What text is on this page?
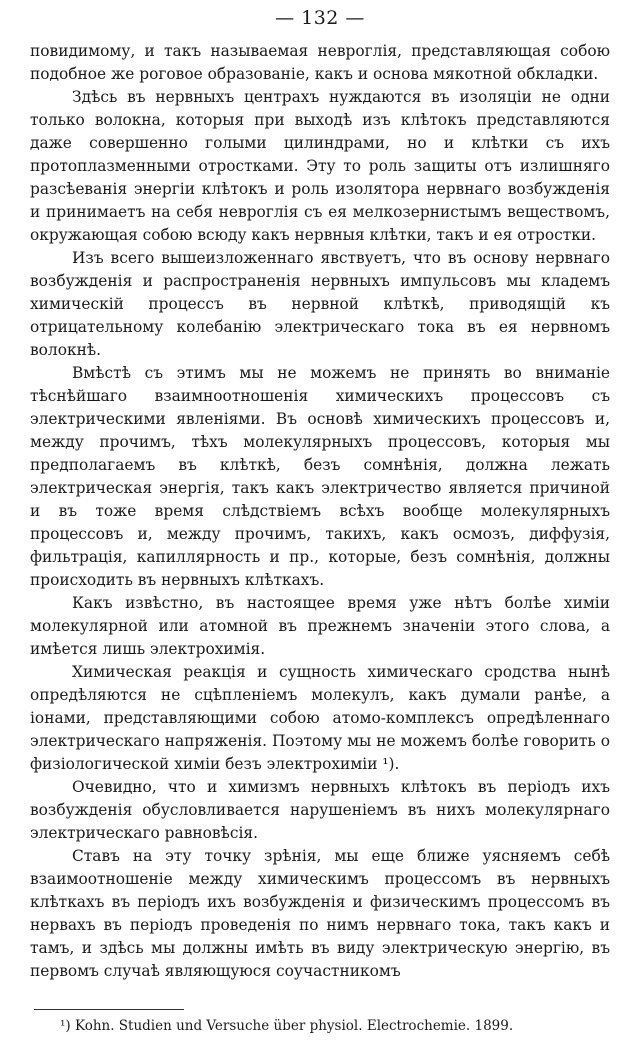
— 132 —

повидимому, и такъ называемая невроглія, представляющая собою подобное же роговое образованіе, какъ и основа мякотной обкладки.

Здѣсь въ нервныхъ центрахъ нуждаются въ изоляціи не одни только волокна, которыя при выходѣ изъ клѣтокъ представляются даже совершенно голыми цилиндрами, но и клѣтки съ ихъ протоплазменными отростками. Эту то роль защиты отъ излишняго разсѣеванія энергіи клѣтокъ и роль изолятора нервнаго возбужденія и принимаетъ на себя невроглія съ ея мелкозернистымъ веществомъ, окружающая собою всюду какъ нервныя клѣтки, такъ и ея отростки.

Изъ всего вышеизложеннаго явствуетъ, что въ основу нервнаго возбужденія и распространенія нервныхъ импульсовъ мы кладемъ химическій процессъ въ нервной клѣткѣ, приводящій къ отрицательному колебанію электрическаго тока въ ея нервномъ волокнѣ.

Вмѣстѣ съ этимъ мы не можемъ не принять во вниманіе тѣснѣйшаго взаимноотношенія химическихъ процессовъ съ электрическими явленіями. Въ основѣ химическихъ процессовъ и, между прочимъ, тѣхъ молекулярныхъ процессовъ, которыя мы предполагаемъ въ клѣткѣ, безъ сомнѣнія, должна лежать электрическая энергія, такъ какъ электричество является причиной и въ тоже время слѣдствіемъ всѣхъ вообще молекулярныхъ процессовъ и, между прочимъ, такихъ, какъ осмозъ, диффузія, фильтрація, капиллярность и пр., которые, безъ сомнѣнія, должны происходить въ нервныхъ клѣткахъ.

Какъ извѣстно, въ настоящее время уже нѣтъ болѣе химіи молекулярной или атомной въ прежнемъ значеніи этого слова, а имѣется лишь электрохимія.

Химическая реакція и сущность химическаго сродства нынѣ опредѣляются не сцѣпленіемъ молекулъ, какъ думали ранѣе, а іонами, представляющими собою атомо-комплексъ опредѣленнаго электрическаго напряженія. Поэтому мы не можемъ болѣе говорить о физіологической химіи безъ электрохиміи ¹).

Очевидно, что и химизмъ нервныхъ клѣтокъ въ періодъ ихъ возбужденія обусловливается нарушеніемъ въ нихъ молекулярнаго электрическаго равновѣсія.

Ставъ на эту точку зрѣнія, мы еще ближе уясняемъ себѣ взаимоотношеніе между химическимъ процессомъ въ нервныхъ клѣткахъ въ періодъ ихъ возбужденія и физическимъ процессомъ въ нервахъ въ періодъ проведенія по нимъ нервнаго тока, такъ какъ и тамъ, и здѣсь мы должны имѣть въ виду электрическую энергію, въ первомъ случаѣ являющуюся соучастникомъ

¹) Kohn. Studien und Versuche über physiol. Electrochemie. 1899.
